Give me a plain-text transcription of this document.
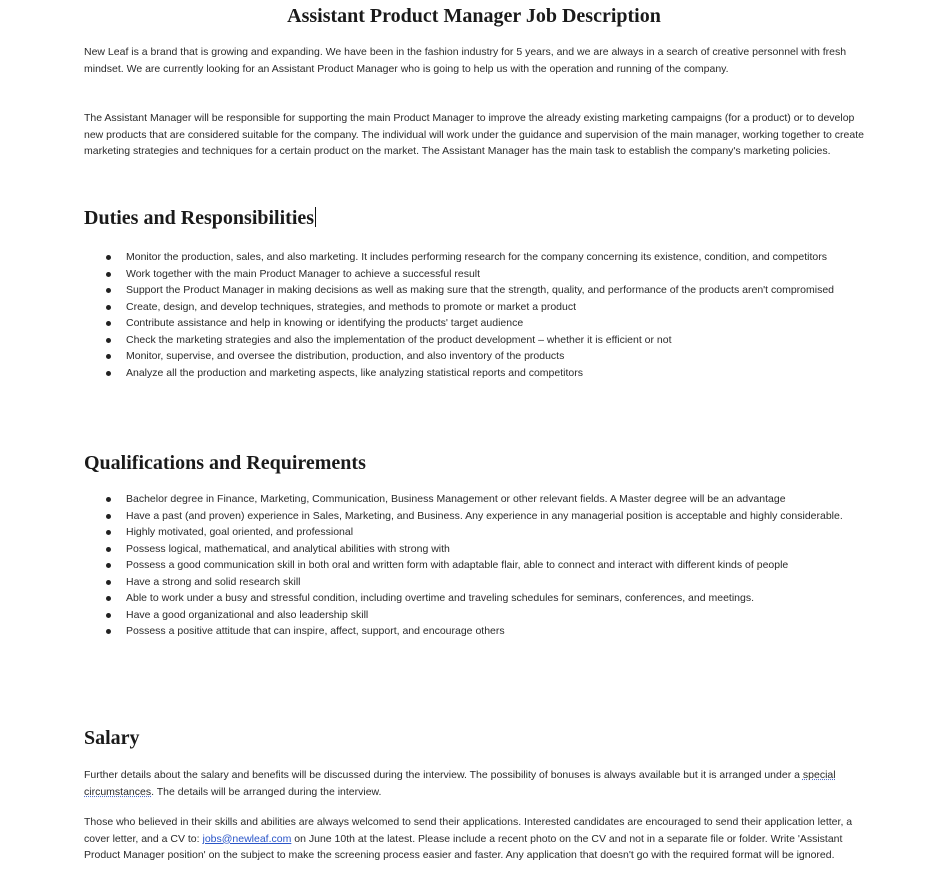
Assistant Product Manager Job Description

New Leaf is a brand that is growing and expanding. We have been in the fashion industry for 5 years, and we are always in a search of creative personnel with fresh mindset. We are currently looking for an Assistant Product Manager who is going to help us with the operation and running of the company.

The Assistant Manager will be responsible for supporting the main Product Manager to improve the already existing marketing campaigns (for a product) or to develop new products that are considered suitable for the company. The individual will work under the guidance and supervision of the main manager, working together to create marketing strategies and techniques for a certain product on the market. The Assistant Manager has the main task to establish the company's marketing policies.

Duties and Responsibilities
Monitor the production, sales, and also marketing. It includes performing research for the company concerning its existence, condition, and competitors
Work together with the main Product Manager to achieve a successful result
Support the Product Manager in making decisions as well as making sure that the strength, quality, and performance of the products aren't compromised
Create, design, and develop techniques, strategies, and methods to promote or market a product
Contribute assistance and help in knowing or identifying the products' target audience
Check the marketing strategies and also the implementation of the product development – whether it is efficient or not
Monitor, supervise, and oversee the distribution, production, and also inventory of the products
Analyze all the production and marketing aspects, like analyzing statistical reports and competitors
Qualifications and Requirements
Bachelor degree in Finance, Marketing, Communication, Business Management or other relevant fields. A Master degree will be an advantage
Have a past (and proven) experience in Sales, Marketing, and Business. Any experience in any managerial position is acceptable and highly considerable.
Highly motivated, goal oriented, and professional
Possess logical, mathematical, and analytical abilities with strong with
Possess a good communication skill in both oral and written form with adaptable flair, able to connect and interact with different kinds of people
Have a strong and solid research skill
Able to work under a busy and stressful condition, including overtime and traveling schedules for seminars, conferences, and meetings.
Have a good organizational and also leadership skill
Possess a positive attitude that can inspire, affect, support, and encourage others
Salary

Further details about the salary and benefits will be discussed during the interview. The possibility of bonuses is always available but it is arranged under a special circumstances. The details will be arranged during the interview.

Those who believed in their skills and abilities are always welcomed to send their applications. Interested candidates are encouraged to send their application letter, a cover letter, and a CV to: jobs@newleaf.com on June 10th at the latest. Please include a recent photo on the CV and not in a separate file or folder. Write 'Assistant Product Manager position' on the subject to make the screening process easier and faster. Any application that doesn't go with the required format will be ignored.
